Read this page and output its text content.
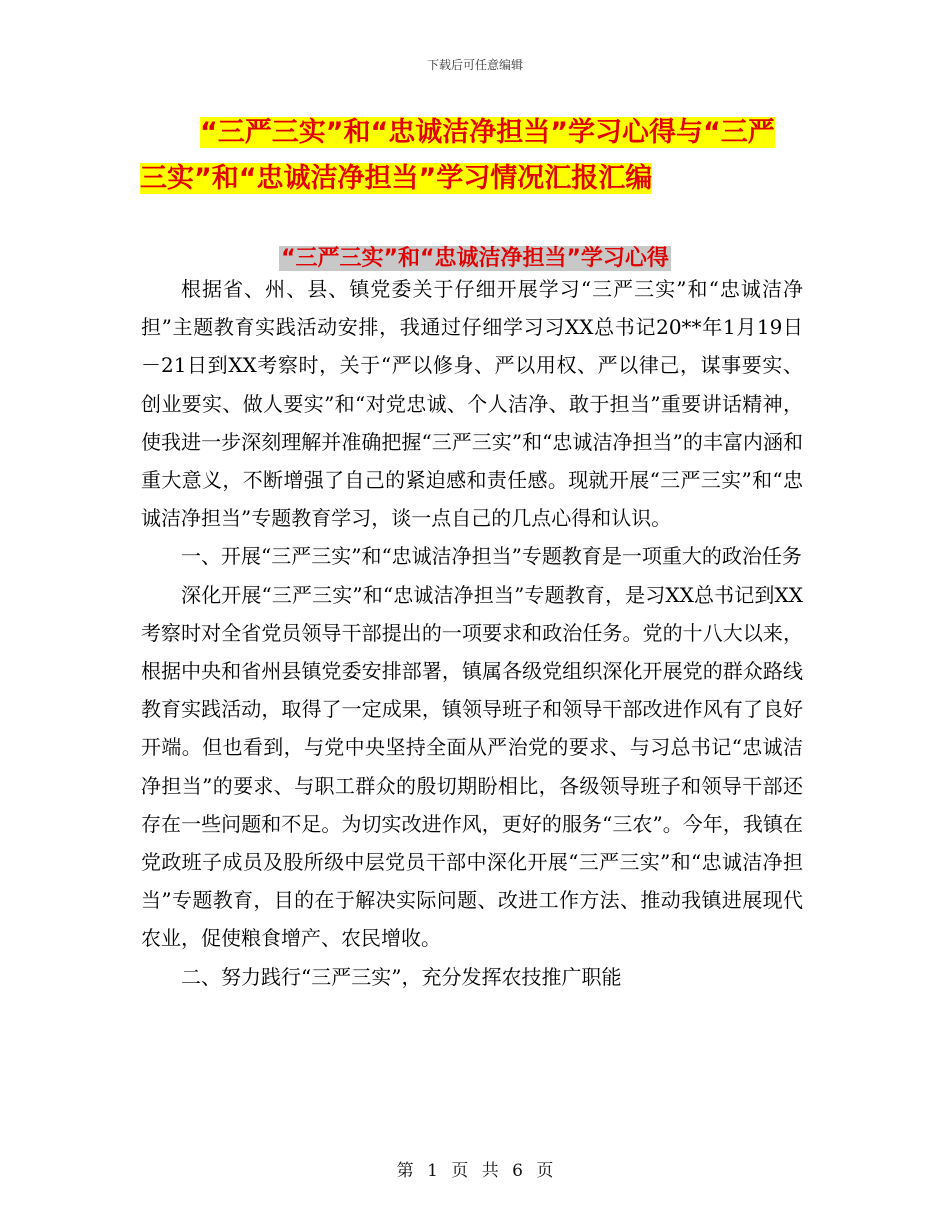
下载后可任意编辑
“三严三实”和“忠诚洁净担当”学习心得与“三严
三实”和“忠诚洁净担当”学习情况汇报汇编
“三严三实”和“忠诚洁净担当”学习心得

根据省、州、县、镇党委关于仔细开展学习“三严三实”和“忠诚洁净担”主题教育实践活动安排，我通过仔细学习习XX总书记20**年1月19日－21日到XX考察时，关于“严以修身、严以用权、严以律己，谋事要实、创业要实、做人要实”和“对党忠诚、个人洁净、敢于担当”重要讲话精神，使我进一步深刻理解并准确把握“三严三实”和“忠诚洁净担当”的丰富内涵和重大意义，不断增强了自己的紧迫感和责任感。现就开展“三严三实”和“忠诚洁净担当”专题教育学习，谈一点自己的几点心得和认识。

一、开展“三严三实”和“忠诚洁净担当”专题教育是一项重大的政治任务

深化开展“三严三实”和“忠诚洁净担当”专题教育，是习XX总书记到XX考察时对全省党员领导干部提出的一项要求和政治任务。党的十八大以来，根据中央和省州县镇党委安排部署，镇属各级党组织深化开展党的群众路线教育实践活动，取得了一定成果，镇领导班子和领导干部改进作风有了良好开端。但也看到，与党中央坚持全面从严治党的要求、与习总书记“忠诚洁净担当”的要求、与职工群众的殷切期盼相比，各级领导班子和领导干部还存在一些问题和不足。为切实改进作风，更好的服务“三农”。今年，我镇在党政班子成员及股所级中层党员干部中深化开展“三严三实”和“忠诚洁净担当”专题教育，目的在于解决实际问题、改进工作方法、推动我镇进展现代农业，促使粮食增产、农民增收。

二、努力践行“三严三实”，充分发挥农技推广职能

第 1 页 共 6 页
